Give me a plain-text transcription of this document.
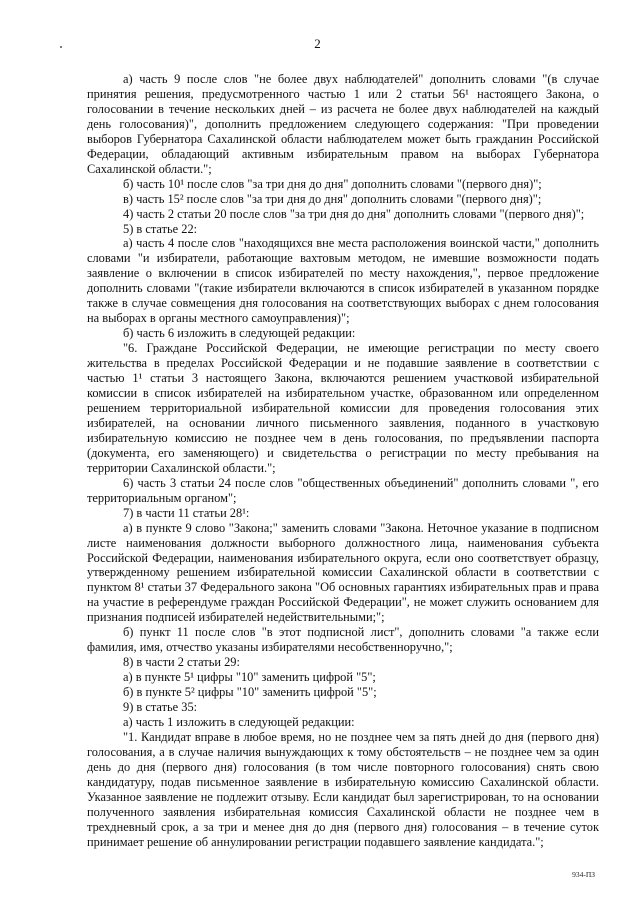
2

а) часть 9 после слов "не более двух наблюдателей" дополнить словами "(в случае принятия решения, предусмотренного частью 1 или 2 статьи 56¹ настоящего Закона, о голосовании в течение нескольких дней – из расчета не более двух наблюдателей на каждый день голосования)", дополнить предложением следующего содержания: "При проведении выборов Губернатора Сахалинской области наблюдателем может быть гражданин Российской Федерации, обладающий активным избирательным правом на выборах Губернатора Сахалинской области.";

б) часть 10¹ после слов "за три дня до дня" дополнить словами "(первого дня)";

в) часть 15² после слов "за три дня до дня" дополнить словами "(первого дня)";

4) часть 2 статьи 20 после слов "за три дня до дня" дополнить словами "(первого дня)";

5) в статье 22:

а) часть 4 после слов "находящихся вне места расположения воинской части," дополнить словами "и избиратели, работающие вахтовым методом, не имевшие возможности подать заявление о включении в список избирателей по месту нахождения,", первое предложение дополнить словами "(такие избиратели включаются в список избирателей в указанном порядке также в случае совмещения дня голосования на соответствующих выборах с днем голосования на выборах в органы местного самоуправления)";

б) часть 6 изложить в следующей редакции:

"6. Граждане Российской Федерации, не имеющие регистрации по месту своего жительства в пределах Российской Федерации и не подавшие заявление в соответствии с частью 1¹ статьи 3 настоящего Закона, включаются решением участковой избирательной комиссии в список избирателей на избирательном участке, образованном или определенном решением территориальной избирательной комиссии для проведения голосования этих избирателей, на основании личного письменного заявления, поданного в участковую избирательную комиссию не позднее чем в день голосования, по предъявлении паспорта (документа, его заменяющего) и свидетельства о регистрации по месту пребывания на территории Сахалинской области.";

6) часть 3 статьи 24 после слов "общественных объединений" дополнить словами ", его территориальным органом";

7) в части 11 статьи 28¹:

а) в пункте 9 слово "Закона;" заменить словами "Закона. Неточное указание в подписном листе наименования должности выборного должностного лица, наименования субъекта Российской Федерации, наименования избирательного округа, если оно соответствует образцу, утвержденному решением избирательной комиссии Сахалинской области в соответствии с пунктом 8¹ статьи 37 Федерального закона "Об основных гарантиях избирательных прав и права на участие в референдуме граждан Российской Федерации", не может служить основанием для признания подписей избирателей недействительными;";

б) пункт 11 после слов "в этот подписной лист", дополнить словами "а также если фамилия, имя, отчество указаны избирателями несобственноручно,";

8) в части 2 статьи 29:

а) в пункте 5¹ цифры "10" заменить цифрой "5";

б) в пункте 5² цифры "10" заменить цифрой "5";

9) в статье 35:

а) часть 1 изложить в следующей редакции:

"1. Кандидат вправе в любое время, но не позднее чем за пять дней до дня (первого дня) голосования, а в случае наличия вынуждающих к тому обстоятельств – не позднее чем за один день до дня (первого дня) голосования (в том числе повторного голосования) снять свою кандидатуру, подав письменное заявление в избирательную комиссию Сахалинской области. Указанное заявление не подлежит отзыву. Если кандидат был зарегистрирован, то на основании полученного заявления избирательная комиссия Сахалинской области не позднее чем в трехдневный срок, а за три и менее дня до дня (первого дня) голосования – в течение суток принимает решение об аннулировании регистрации подавшего заявление кандидата.";

934-ПЗ
